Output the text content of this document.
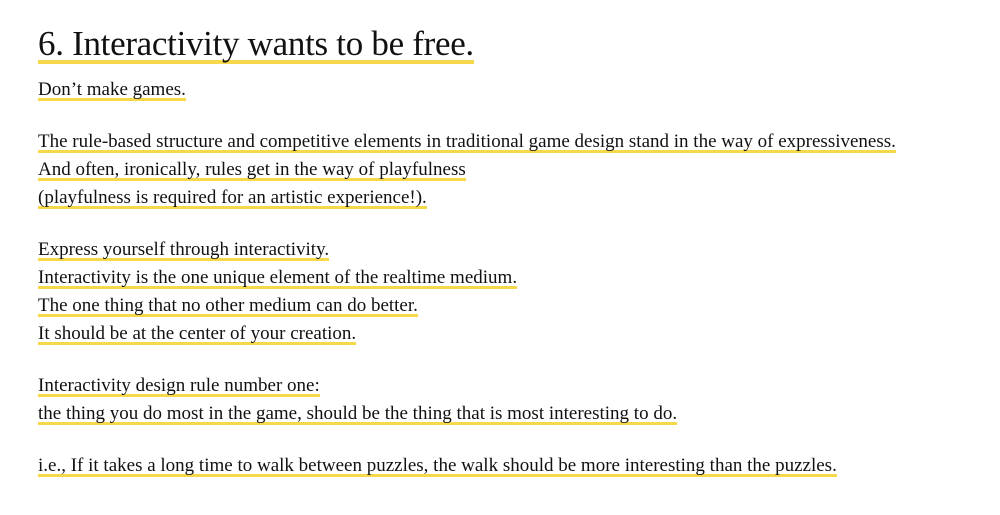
6. Interactivity wants to be free.

Don’t make games.

The rule-based structure and competitive elements in traditional game design stand in the way of expressiveness.
And often, ironically, rules get in the way of playfulness
(playfulness is required for an artistic experience!).

Express yourself through interactivity.
Interactivity is the one unique element of the realtime medium.
The one thing that no other medium can do better.
It should be at the center of your creation.

Interactivity design rule number one:
the thing you do most in the game, should be the thing that is most interesting to do.

i.e., If it takes a long time to walk between puzzles, the walk should be more interesting than the puzzles.
